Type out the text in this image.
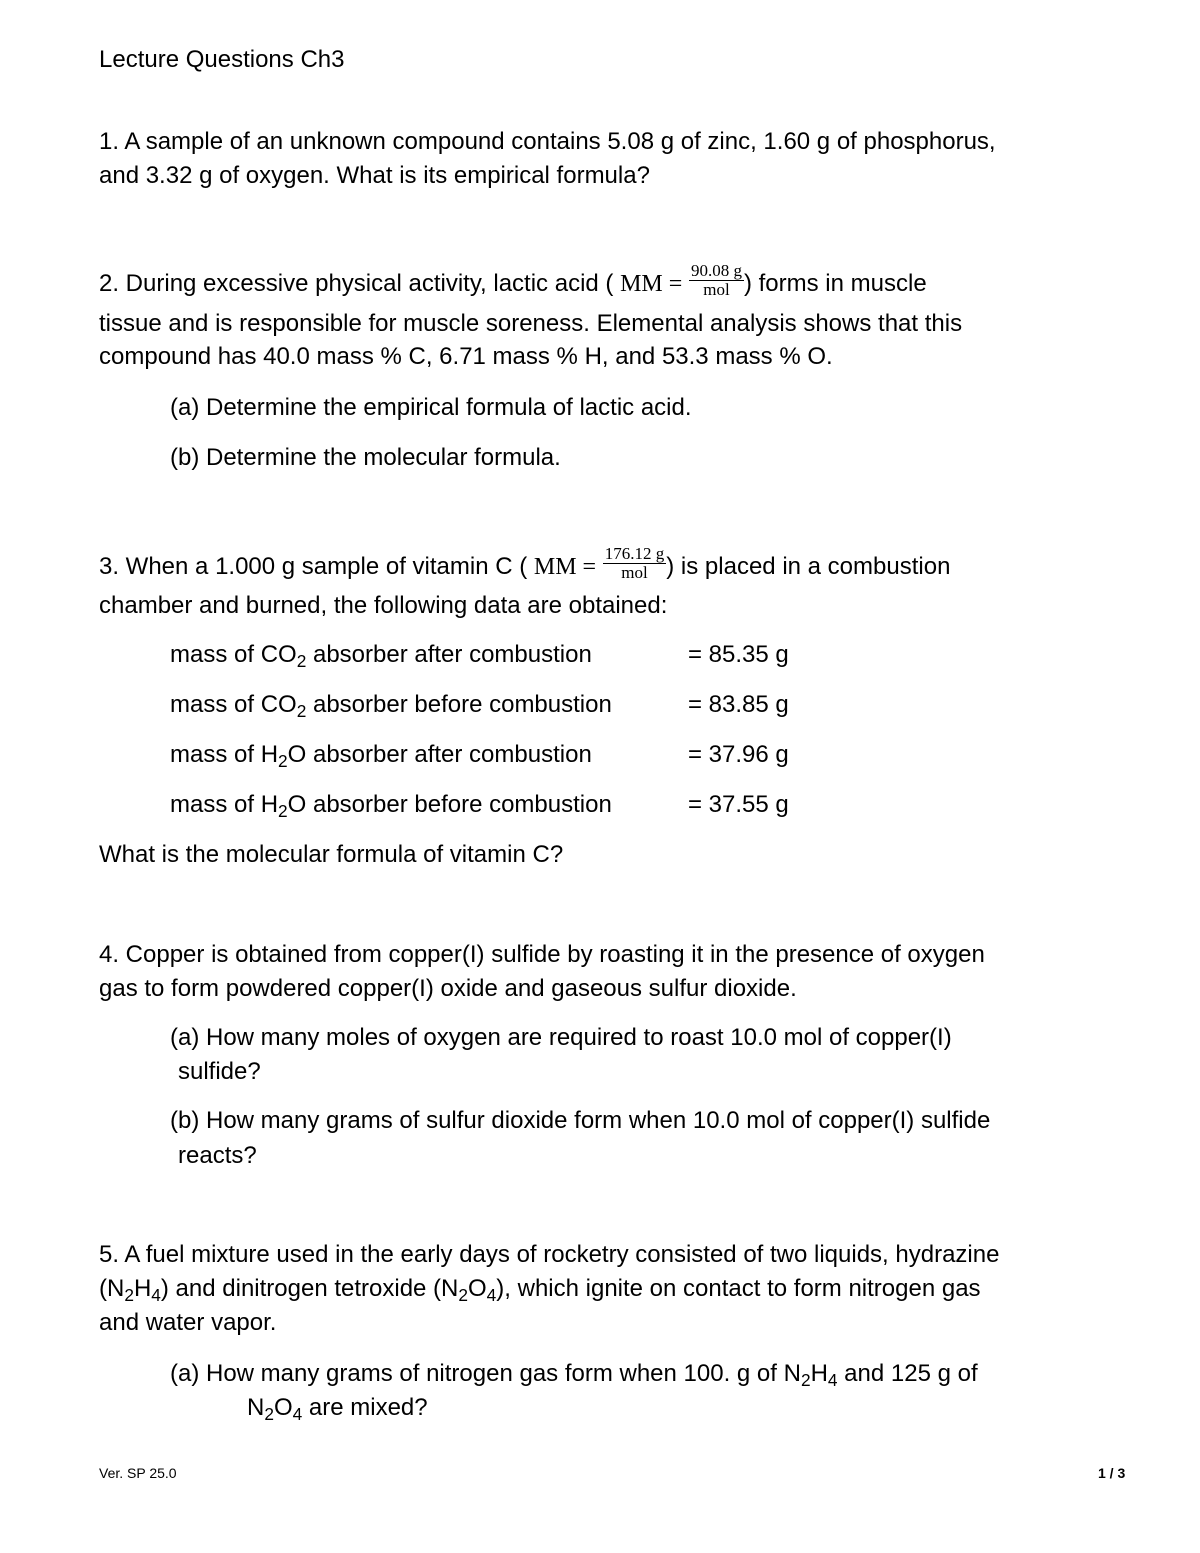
Lecture Questions Ch3
1. A sample of an unknown compound contains 5.08 g of zinc, 1.60 g of phosphorus,
and 3.32 g of oxygen. What is its empirical formula?
2. During excessive physical activity, lactic acid ( MM = $\frac{90.08 g}{\text{mol}}$ ) forms in muscle
tissue and is responsible for muscle soreness. Elemental analysis shows that this
compound has 40.0 mass % C, 6.71 mass % H, and 53.3 mass % O.
(a) Determine the empirical formula of lactic acid.
(b) Determine the molecular formula.
3. When a 1.000 g sample of vitamin C ( MM = $\frac{176.12 g}{\text{mol}}$ ) is placed in a combustion
chamber and burned, the following data are obtained:
mass of $CO_2$ absorber after combustion	= 85.35 g
mass of $CO_2$ absorber before combustion	= 83.85 g
mass of $H_2O$ absorber after combustion	= 37.96 g
mass of $H_2O$ absorber before combustion	= 37.55 g
What is the molecular formula of vitamin C?
4. Copper is obtained from copper(I) sulfide by roasting it in the presence of oxygen
gas to form powdered copper(I) oxide and gaseous sulfur dioxide.
(a) How many moles of oxygen are required to roast 10.0 mol of copper(I)
sulfide?
(b) How many grams of sulfur dioxide form when 10.0 mol of copper(I) sulfide
reacts?
5. A fuel mixture used in the early days of rocketry consisted of two liquids, hydrazine
$(N_2H_4)$ and dinitrogen tetroxide $(N_2O_4)$, which ignite on contact to form nitrogen gas
and water vapor.
(a) How many grams of nitrogen gas form when 100. g of $N_2H_4$ and 125 g of
$N_2O_4$ are mixed?
Ver. SP 25.0	1 / 3
